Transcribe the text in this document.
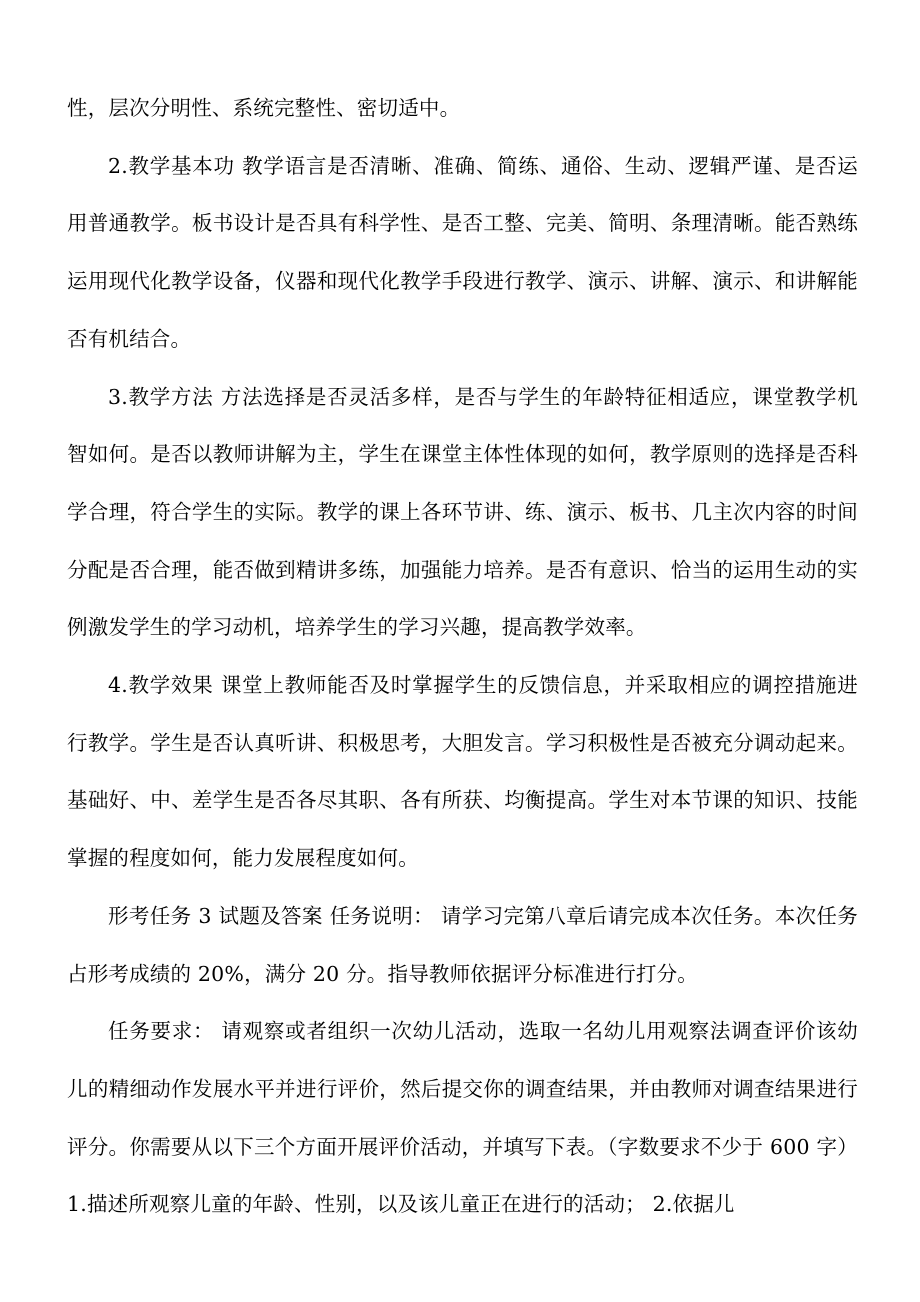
性，层次分明性、系统完整性、密切适中。

2.教学基本功 教学语言是否清晰、准确、简练、通俗、生动、逻辑严谨、是否运用普通教学。板书设计是否具有科学性、是否工整、完美、简明、条理清晰。能否熟练运用现代化教学设备，仪器和现代化教学手段进行教学、演示、讲解、演示、和讲解能否有机结合。

3.教学方法 方法选择是否灵活多样，是否与学生的年龄特征相适应，课堂教学机智如何。是否以教师讲解为主，学生在课堂主体性体现的如何，教学原则的选择是否科学合理，符合学生的实际。教学的课上各环节讲、练、演示、板书、几主次内容的时间分配是否合理，能否做到精讲多练，加强能力培养。是否有意识、恰当的运用生动的实例激发学生的学习动机，培养学生的学习兴趣，提高教学效率。

4.教学效果 课堂上教师能否及时掌握学生的反馈信息，并采取相应的调控措施进行教学。学生是否认真听讲、积极思考，大胆发言。学习积极性是否被充分调动起来。基础好、中、差学生是否各尽其职、各有所获、均衡提高。学生对本节课的知识、技能掌握的程度如何，能力发展程度如何。

形考任务 3 试题及答案 任务说明： 请学习完第八章后请完成本次任务。本次任务占形考成绩的 20%，满分 20 分。指导教师依据评分标准进行打分。

任务要求： 请观察或者组织一次幼儿活动，选取一名幼儿用观察法调查评价该幼儿的精细动作发展水平并进行评价，然后提交你的调查结果，并由教师对调查结果进行评分。你需要从以下三个方面开展评价活动，并填写下表。（字数要求不少于 600 字） 1.描述所观察儿童的年龄、性别，以及该儿童正在进行的活动； 2.依据儿
